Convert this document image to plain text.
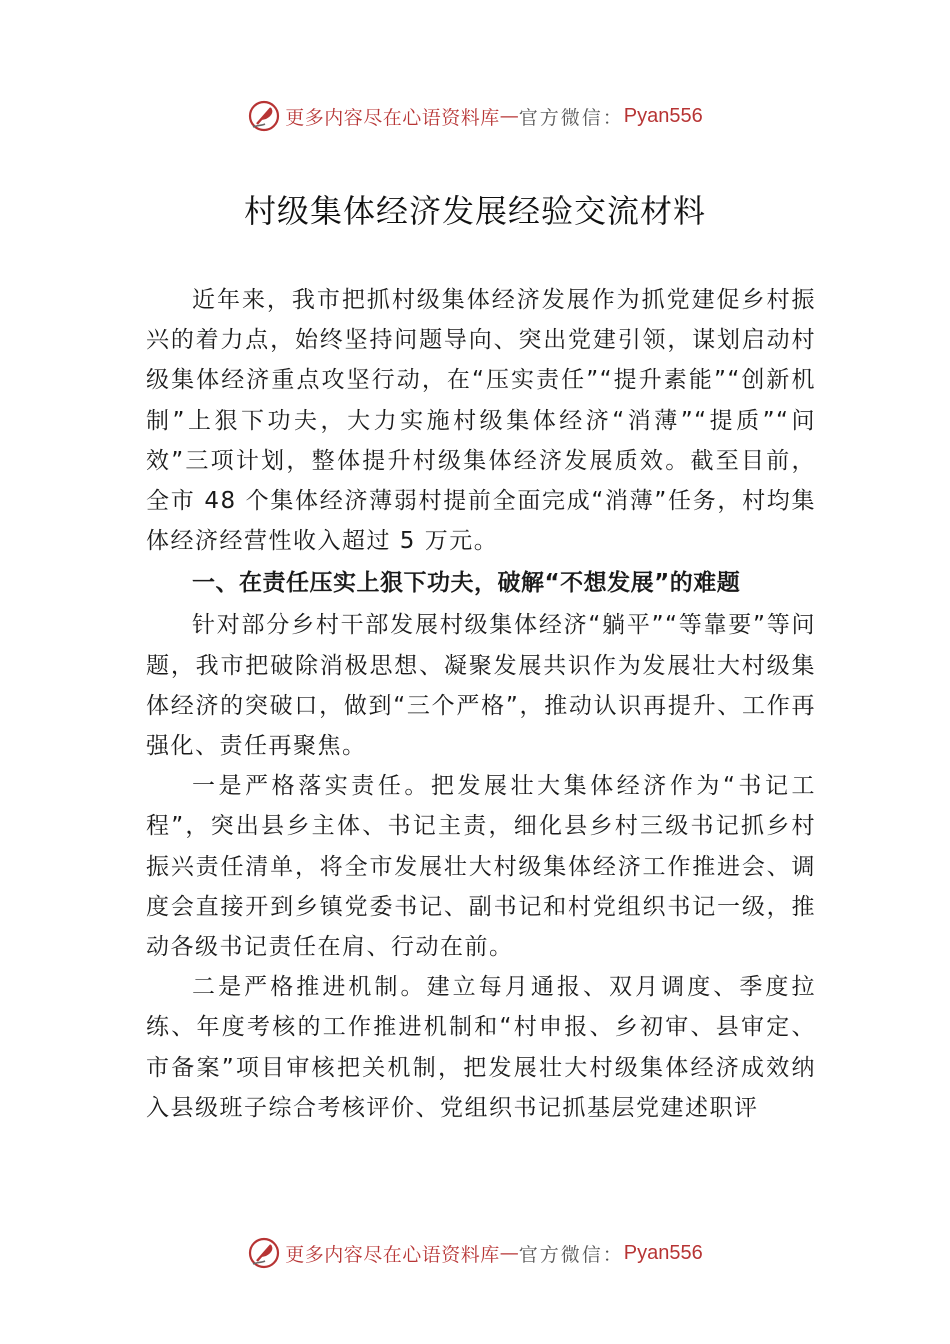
更多内容尽在心语资料库 — 官方微信： Pyan556
村级集体经济发展经验交流材料

近年来，我市把抓村级集体经济发展作为抓党建促乡村振兴的着力点，始终坚持问题导向、突出党建引领，谋划启动村级集体经济重点攻坚行动，在“压实责任”“提升素能”“创新机制”上狠下功夫，大力实施村级集体经济“消薄”“提质”“问效”三项计划，整体提升村级集体经济发展质效。截至目前，全市 48 个集体经济薄弱村提前全面完成“消薄”任务，村均集体经济经营性收入超过 5 万元。

一、在责任压实上狠下功夫，破解“不想发展”的难题

针对部分乡村干部发展村级集体经济“躺平”“等靠要”等问题，我市把破除消极思想、凝聚发展共识作为发展壮大村级集体经济的突破口，做到“三个严格”，推动认识再提升、工作再强化、责任再聚焦。

一是严格落实责任。把发展壮大集体经济作为“书记工程”，突出县乡主体、书记主责，细化县乡村三级书记抓乡村振兴责任清单，将全市发展壮大村级集体经济工作推进会、调度会直接开到乡镇党委书记、副书记和村党组织书记一级，推动各级书记责任在肩、行动在前。

二是严格推进机制。建立每月通报、双月调度、季度拉练、年度考核的工作推进机制和“村申报、乡初审、县审定、市备案”项目审核把关机制，把发展壮大村级集体经济成效纳入县级班子综合考核评价、党组织书记抓基层党建述职评

更多内容尽在心语资料库 — 官方微信： Pyan556
